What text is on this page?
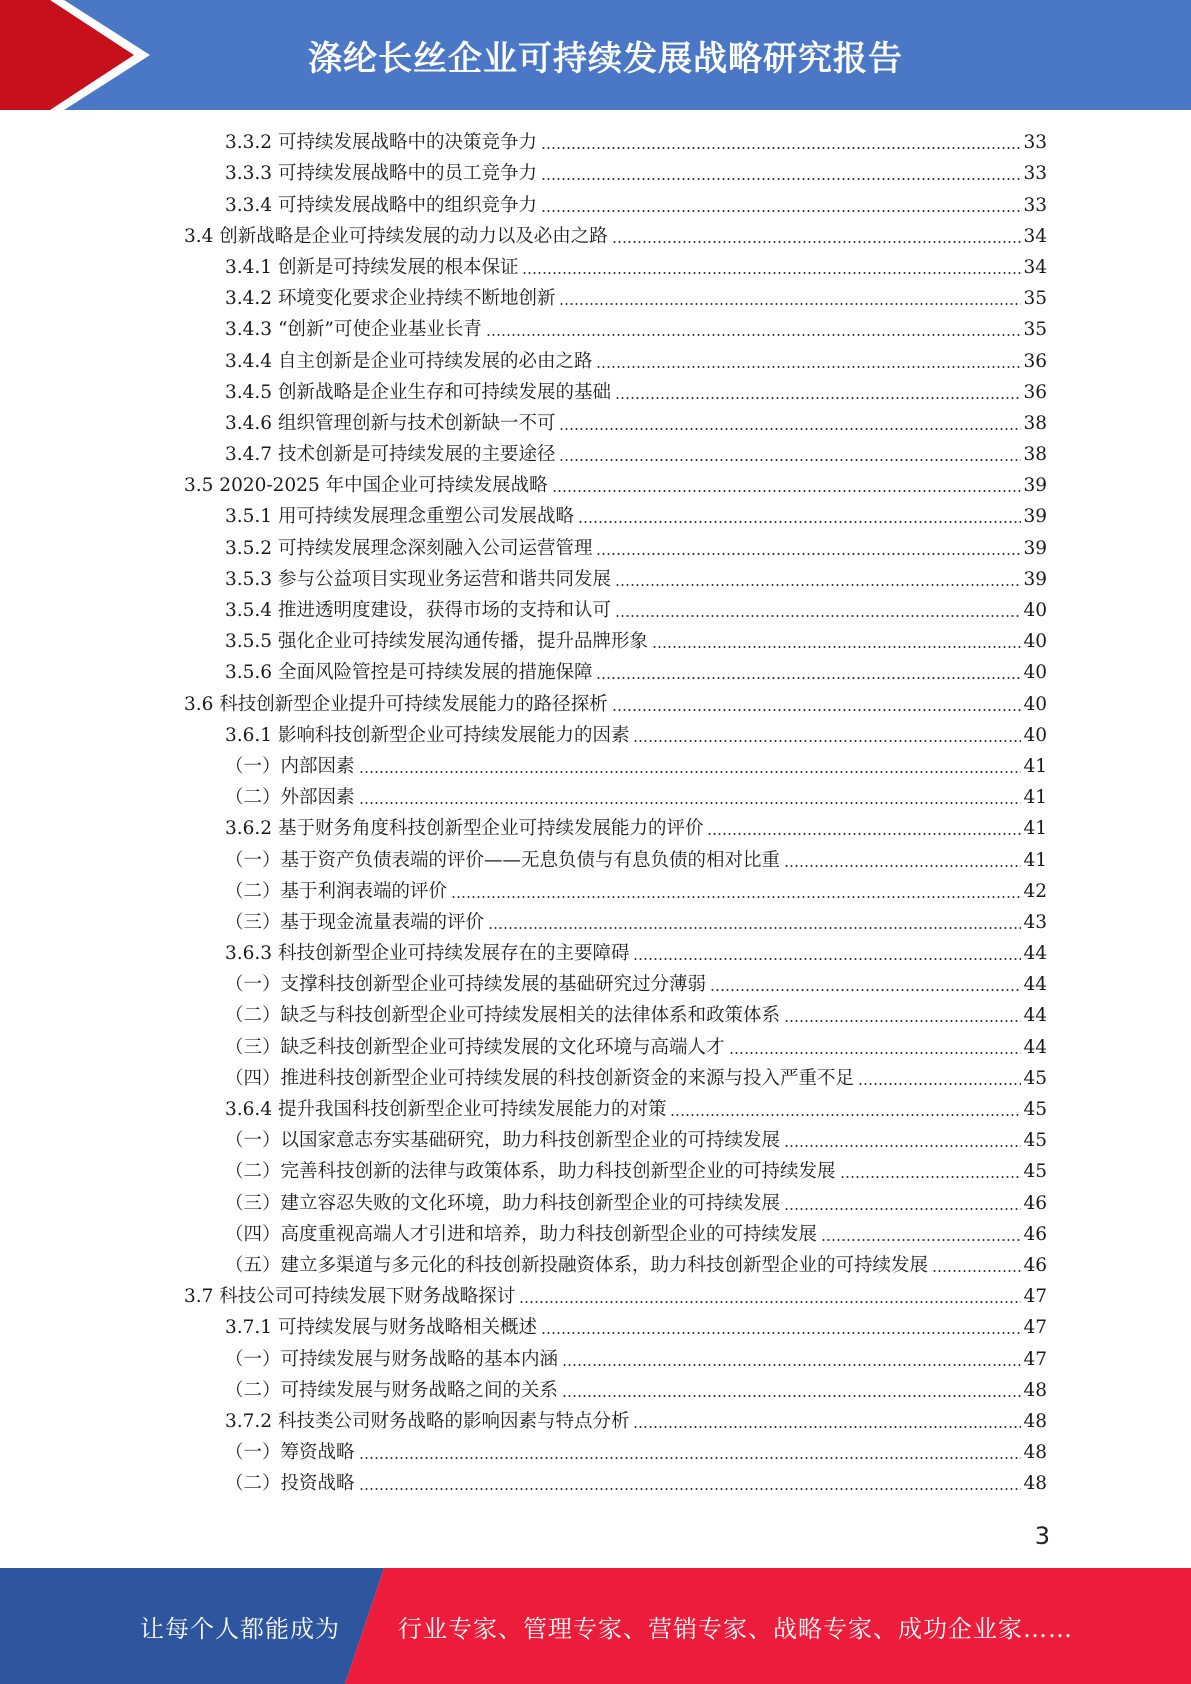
涤纶长丝企业可持续发展战略研究报告
3.3.2 可持续发展战略中的决策竞争力	33
3.3.3 可持续发展战略中的员工竞争力	33
3.3.4 可持续发展战略中的组织竞争力	33
3.4 创新战略是企业可持续发展的动力以及必由之路	34
3.4.1 创新是可持续发展的根本保证	34
3.4.2 环境变化要求企业持续不断地创新	35
3.4.3 “创新”可使企业基业长青	35
3.4.4 自主创新是企业可持续发展的必由之路	36
3.4.5 创新战略是企业生存和可持续发展的基础	36
3.4.6 组织管理创新与技术创新缺一不可	38
3.4.7 技术创新是可持续发展的主要途径	38
3.5 2020-2025 年中国企业可持续发展战略	39
3.5.1 用可持续发展理念重塑公司发展战略	39
3.5.2 可持续发展理念深刻融入公司运营管理	39
3.5.3 参与公益项目实现业务运营和谐共同发展	39
3.5.4 推进透明度建设，获得市场的支持和认可	40
3.5.5 强化企业可持续发展沟通传播，提升品牌形象	40
3.5.6 全面风险管控是可持续发展的措施保障	40
3.6 科技创新型企业提升可持续发展能力的路径探析	40
3.6.1 影响科技创新型企业可持续发展能力的因素	40
（一）内部因素	41
（二）外部因素	41
3.6.2 基于财务角度科技创新型企业可持续发展能力的评价	41
（一）基于资产负债表端的评价——无息负债与有息负债的相对比重	41
（二）基于利润表端的评价	42
（三）基于现金流量表端的评价	43
3.6.3 科技创新型企业可持续发展存在的主要障碍	44
（一）支撑科技创新型企业可持续发展的基础研究过分薄弱	44
（二）缺乏与科技创新型企业可持续发展相关的法律体系和政策体系	44
（三）缺乏科技创新型企业可持续发展的文化环境与高端人才	44
（四）推进科技创新型企业可持续发展的科技创新资金的来源与投入严重不足	45
3.6.4 提升我国科技创新型企业可持续发展能力的对策	45
（一）以国家意志夯实基础研究，助力科技创新型企业的可持续发展	45
（二）完善科技创新的法律与政策体系，助力科技创新型企业的可持续发展	45
（三）建立容忍失败的文化环境，助力科技创新型企业的可持续发展	46
（四）高度重视高端人才引进和培养，助力科技创新型企业的可持续发展	46
（五）建立多渠道与多元化的科技创新投融资体系，助力科技创新型企业的可持续发展	46
3.7 科技公司可持续发展下财务战略探讨	47
3.7.1 可持续发展与财务战略相关概述	47
（一）可持续发展与财务战略的基本内涵	47
（二）可持续发展与财务战略之间的关系	48
3.7.2 科技类公司财务战略的影响因素与特点分析	48
（一）筹资战略	48
（二）投资战略	48
3
让每个人都能成为 行业专家、管理专家、营销专家、战略专家、成功企业家……
